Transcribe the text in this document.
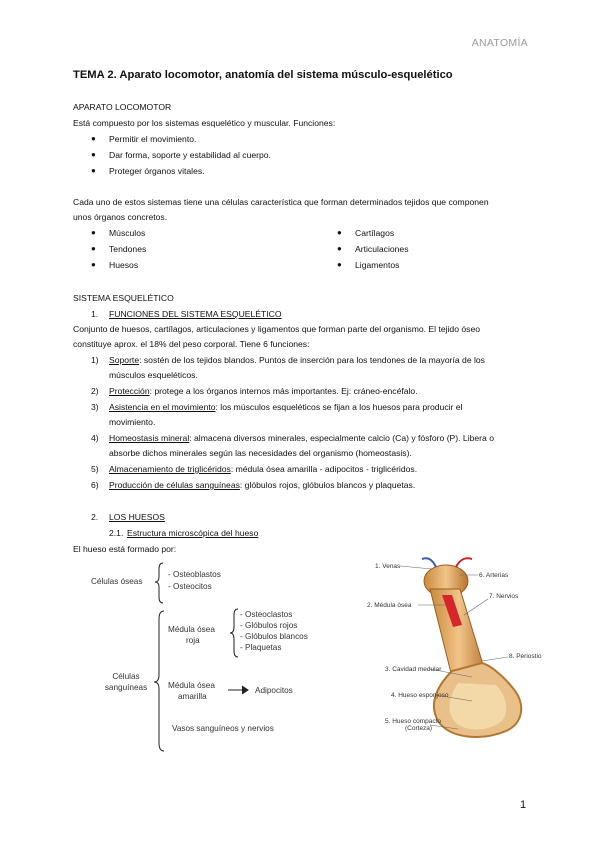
ANATOMÍA
TEMA 2. Aparato locomotor, anatomía del sistema músculo-esquelético
APARATO LOCOMOTOR
Está compuesto por los sistemas esquelético y muscular. Funciones:
● Permitir el movimiento.
● Dar forma, soporte y estabilidad al cuerpo.
● Proteger órganos vitales.
Cada uno de estos sistemas tiene una células característica que forman determinados tejidos que componen
unos órganos concretos.
● Músculos
● Tendones
● Huesos
● Cartílagos
● Articulaciones
● Ligamentos
SISTEMA ESQUELÉTICO
1. FUNCIONES DEL SISTEMA ESQUELÉTICO
Conjunto de huesos, cartílagos, articulaciones y ligamentos que forman parte del organismo. El tejido óseo
constituye aprox. el 18% del peso corporal. Tiene 6 funciones:
1) Soporte: sostén de los tejidos blandos. Puntos de inserción para los tendones de la mayoría de los
músculos esqueléticos.
2) Protección: protege a los órganos internos más importantes. Ej: cráneo-encéfalo.
3) Asistencia en el movimiento: los músculos esqueléticos se fijan a los huesos para producir el
movimiento.
4) Homeostasis mineral: almacena diversos minerales, especialmente calcio (Ca) y fósforo (P). Libera o
absorbe dichos minerales según las necesidades del organismo (homeostasis).
5) Almacenamiento de triglicéridos: médula ósea amarilla - adipocitos - triglicéridos.
6) Producción de células sanguíneas: glóbulos rojos, glóbulos blancos y plaquetas.
2. LOS HUESOS
2.1. Estructura microscópica del hueso
El hueso está formado por:
Células óseas
- Osteoblastos
- Osteocitos
Células
sanguíneas
Médula ósea
roja
- Osteoclastos
- Glóbulos rojos
- Glóbulos blancos
- Plaquetas
Médula ósea
amarilla
Adipocitos
Vasos sanguíneos y nervios
1. Venas
2. Médula ósea
3. Cavidad medular
4. Hueso esponjoso
5. Hueso compacto
(Corteza)
6. Arterias
7. Nervios
8. Periostio
1
